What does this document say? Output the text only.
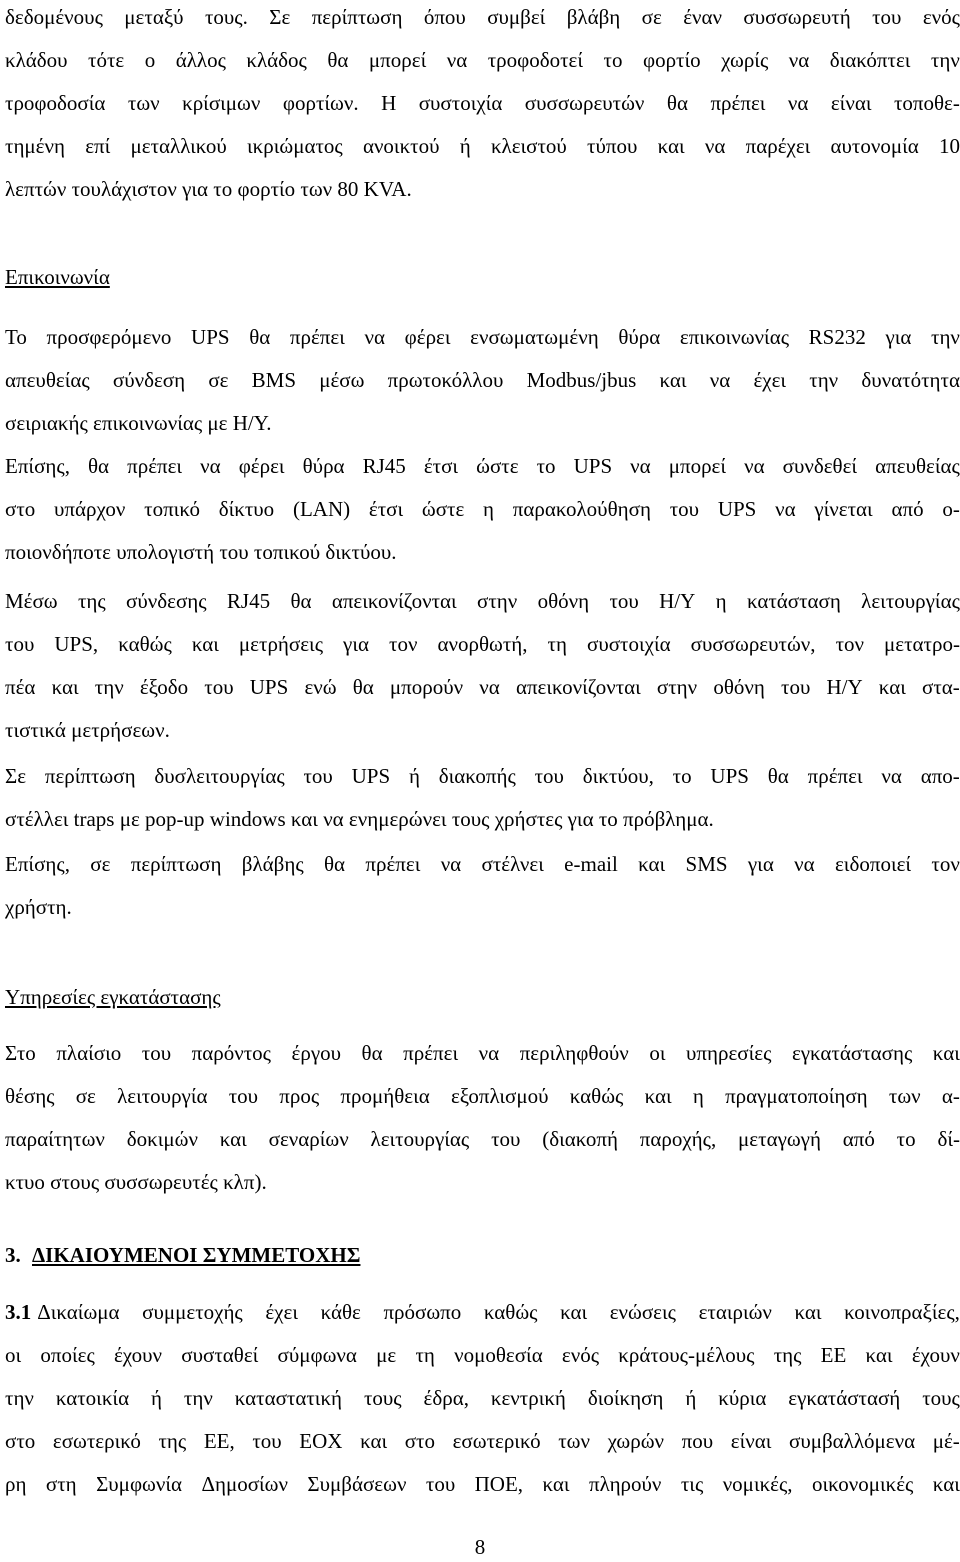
δεδομένους μεταξύ τους. Σε περίπτωση όπου συμβεί βλάβη σε έναν συσσωρευτή του ενός
κλάδου τότε ο άλλος κλάδος θα μπορεί να τροφοδοτεί το φορτίο χωρίς να διακόπτει την
τροφοδοσία των κρίσιμων φορτίων. Η συστοιχία συσσωρευτών θα πρέπει να είναι τοποθε-
τημένη επί μεταλλικού ικριώματος ανοικτού ή κλειστού τύπου και να παρέχει αυτονομία 10
λεπτών τουλάχιστον για το φορτίο των 80 KVA.
Επικοινωνία
Το προσφερόμενο UPS θα πρέπει να φέρει ενσωματωμένη θύρα επικοινωνίας RS232 για την
απευθείας σύνδεση σε BMS μέσω πρωτοκόλλου Modbus/jbus και να έχει την δυνατότητα
σειριακής επικοινωνίας με Η/Υ.
Επίσης, θα πρέπει να φέρει θύρα RJ45 έτσι ώστε το UPS να μπορεί να συνδεθεί απευθείας
στο υπάρχον τοπικό δίκτυο (LAN) έτσι ώστε η παρακολούθηση του UPS να γίνεται από ο-
ποιονδήποτε υπολογιστή του τοπικού δικτύου.
Μέσω της σύνδεσης RJ45 θα απεικονίζονται στην οθόνη του Η/Υ η κατάσταση λειτουργίας
του UPS, καθώς και μετρήσεις για τον ανορθωτή, τη συστοιχία συσσωρευτών, τον μετατρο-
πέα και την έξοδο του UPS ενώ θα μπορούν να απεικονίζονται στην οθόνη του Η/Υ και στα-
τιστικά μετρήσεων.
Σε περίπτωση δυσλειτουργίας του UPS ή διακοπής του δικτύου, το UPS θα πρέπει να απο-
στέλλει traps με pop-up windows και να ενημερώνει τους χρήστες για το πρόβλημα.
Επίσης, σε περίπτωση βλάβης θα πρέπει να στέλνει e-mail και SMS για να ειδοποιεί τον
χρήστη.
Υπηρεσίες εγκατάστασης
Στο πλαίσιο του παρόντος έργου θα πρέπει να περιληφθούν οι υπηρεσίες εγκατάστασης και
θέσης σε λειτουργία του προς προμήθεια εξοπλισμού καθώς και η πραγματοποίηση των α-
παραίτητων δοκιμών και σεναρίων λειτουργίας του (διακοπή παροχής, μεταγωγή από το δί-
κτυο στους συσσωρευτές κλπ).
3. ΔΙΚΑΙΟΥΜΕΝΟΙ ΣΥΜΜΕΤΟΧΗΣ
3.1 Δικαίωμα συμμετοχής έχει κάθε πρόσωπο καθώς και ενώσεις εταιριών και κοινοπραξίες,
οι οποίες έχουν συσταθεί σύμφωνα με τη νομοθεσία ενός κράτους-μέλους της ΕΕ και έχουν
την κατοικία ή την καταστατική τους έδρα, κεντρική διοίκηση ή κύρια εγκατάστασή τους
στο εσωτερικό της ΕΕ, του ΕΟΧ και στο εσωτερικό των χωρών που είναι συμβαλλόμενα μέ-
ρη στη Συμφωνία Δημοσίων Συμβάσεων του ΠΟΕ, και πληρούν τις νομικές, οικονομικές και
8
